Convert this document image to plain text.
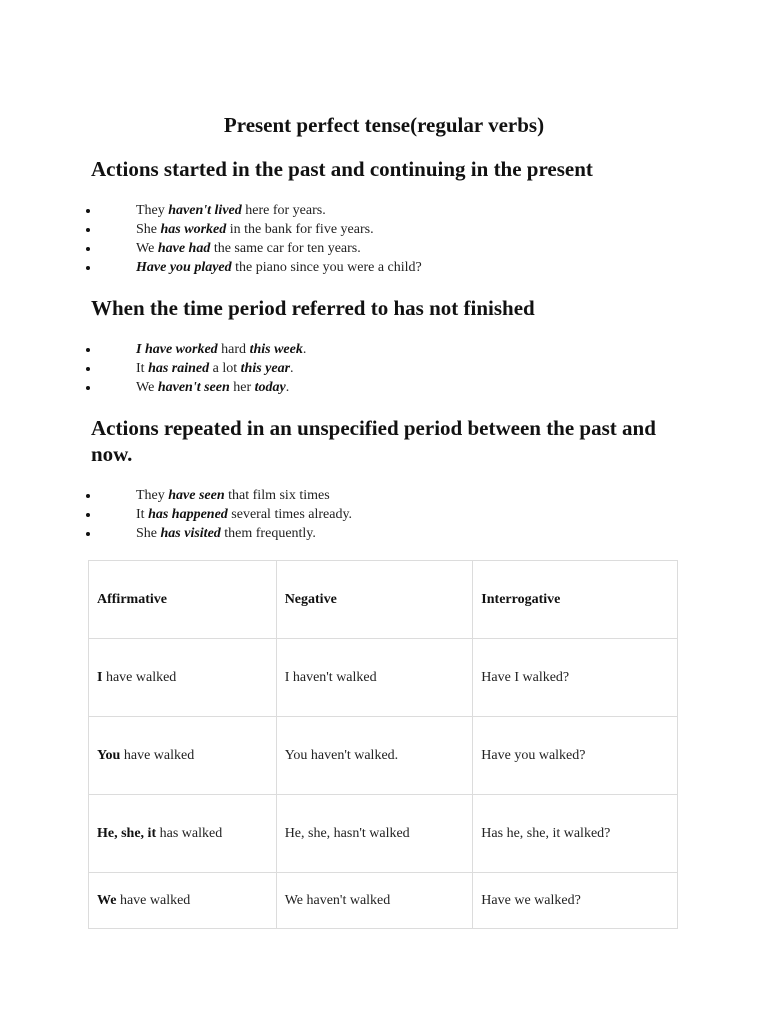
Present perfect tense(regular verbs)
Actions started in the past and continuing in the present
They haven't lived here for years.
She has worked in the bank for five years.
We have had the same car for ten years.
Have you played the piano since you were a child?
When the time period referred to has not finished
I have worked hard this week.
It has rained a lot this year.
We haven't seen her today.
Actions repeated in an unspecified period between the past and now.
They have seen that film six times
It has happened several times already.
She has visited them frequently.
Affirmative	Negative	Interrogative
I have walked	I haven't walked	Have I walked?
You have walked	You haven't walked.	Have you walked?
He, she, it has walked	He, she, hasn't walked	Has he, she, it walked?
We have walked	We haven't walked	Have we walked?
